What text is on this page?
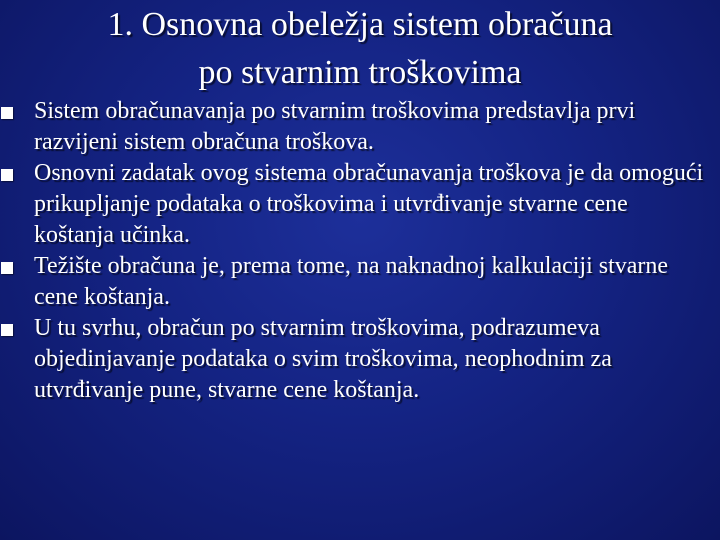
1. Osnovna obeležja sistem obračuna
po stvarnim troškovima
Sistem obračunavanja po stvarnim troškovima predstavlja prvi razvijeni sistem obračuna troškova.
Osnovni zadatak ovog sistema obračunavanja troškova je da omogući prikupljanje podataka o troškovima i utvrđivanje stvarne cene koštanja učinka.
Težište obračuna je, prema tome, na naknadnoj kalkulaciji stvarne cene koštanja.
U tu svrhu, obračun po stvarnim troškovima, podrazumeva objedinjavanje podataka o svim troškovima, neophodnim za utvrđivanje pune, stvarne cene koštanja.
